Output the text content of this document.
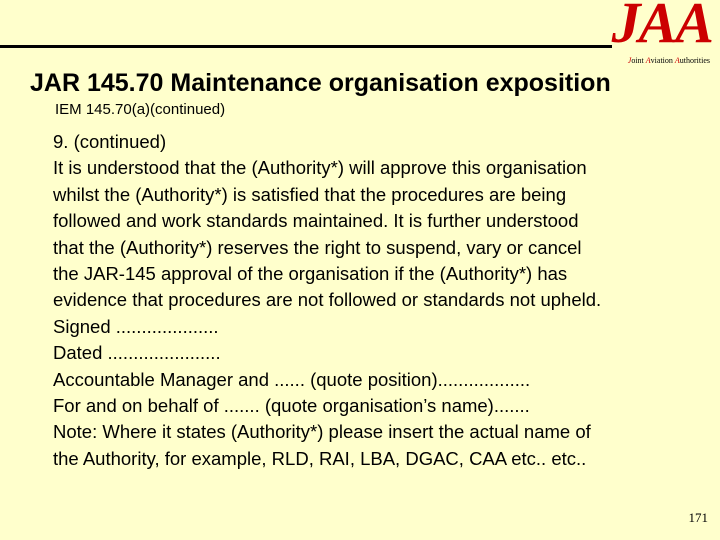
JAA
Joint Aviation Authorities
JAR 145.70 Maintenance organisation exposition
IEM 145.70(a)(continued)
9. (continued)
It is understood that the (Authority*) will approve this organisation
whilst the (Authority*) is satisfied that the procedures are being
followed and work standards maintained. It is further understood
that the (Authority*) reserves the right to suspend, vary or cancel
the JAR-145 approval of the organisation if the (Authority*) has
evidence that procedures are not followed or standards not upheld.
Signed ....................
Dated ......................
Accountable Manager and ...... (quote position)..................
For and on behalf of ....... (quote organisation’s name).......
Note: Where it states (Authority*) please insert the actual name of
the Authority, for example, RLD, RAI, LBA, DGAC, CAA etc.. etc..
171
